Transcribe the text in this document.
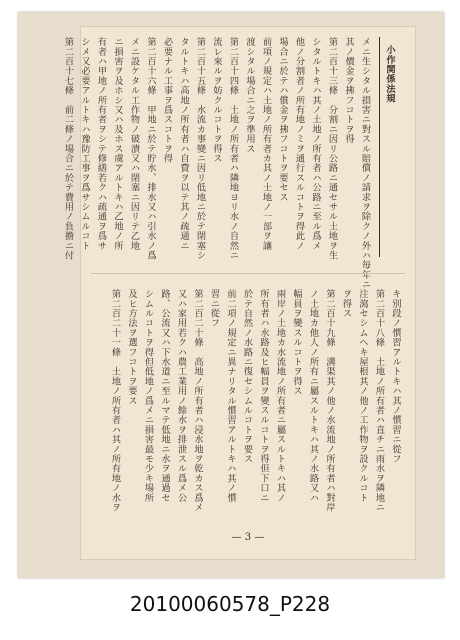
小作関係法規
メニ生シタル損害ニ對スル賠償ノ請求ヲ除クノ外ハ毎年ニ
其ノ價金ヲ拂フコトヲ得
第二百十三條　分割ニ因リ公路ニ通セサル土地ヲ生
シタルトキハ其ノ土地ノ所有者ハ公路ニ至ル爲メ
他ノ分割者ノ所有地ノミヲ通行スルコトヲ得此ノ
場合ニ於テハ償金ヲ拂フコトヲ要セス
前項ノ規定ハ土地ノ所有者カ其ノ土地ノ一部ヲ讓
渡シタル場合ニ之ヲ準用ス
第二百十四條　土地ノ所有者ハ隣地ヨリ水ノ自然ニ
流レ來ルヲ妨クルコトヲ得ス
第二百十五條　水流カ事變ニ因リ低地ニ於テ閉塞シ
タルトキハ高地ノ所有者ハ自費ヲ以テ其ノ疏通ニ
必要ナル工事ヲ爲スコトヲ得
第二百十六條　甲地ニ於テ貯水、排水又ハ引水ノ爲
メニ設ケタル工作物ノ破潰又ハ閉塞ニ因リテ乙地
ニ損害ヲ及ホシ又ハ及ホス虞アルトキハ乙地ノ所
有者ハ甲地ノ所有者ヲシテ修繕若クハ疏通ヲ爲サ
シメ又必要アルトキハ豫防工事ヲ爲サシムルコト
第二百十七條　前二條ノ場合ニ於テ費用ノ負擔ニ付
キ別段ノ慣習アルトキハ其ノ慣習ニ從フ
第二百十八條　土地ノ所有者ハ直チニ雨水ヲ隣地ニ
注瀉セシムヘキ屋根其ノ他ノ工作物ヲ設クルコト
ヲ得ス
第二百十九條　溝渠其ノ他ノ水流地ノ所有者ハ對岸
ノ土地カ他人ノ所有ニ屬スルトキハ其ノ水路又ハ
幅員ヲ變スルコトヲ得ス
兩岸ノ土地カ水流地ノ所有者ニ屬スルトキハ其ノ
所有者ハ水路及ヒ幅員ヲ變スルコトヲ得但下口ニ
於テ自然ノ水路ニ復セシムルコトヲ要ス
前二項ノ規定ニ異ナリタル慣習アルトキハ其ノ慣
習ニ從フ
第二百二十條　高地ノ所有者ハ浸水地ヲ乾カス爲メ
又ハ家用若クハ農工業用ノ餘水ヲ排泄スル爲メ公
路、公流又ハ下水道ニ至ルマテ低地ニ水ヲ通過セ
シムルコトヲ得但低地ノ爲メニ損害最モ少キ場所
及ヒ方法ヲ選フコトヲ要ス
第二百二十一條　土地ノ所有者ハ其ノ所有地ノ水ヲ
— 3 —
20100060578_P228
